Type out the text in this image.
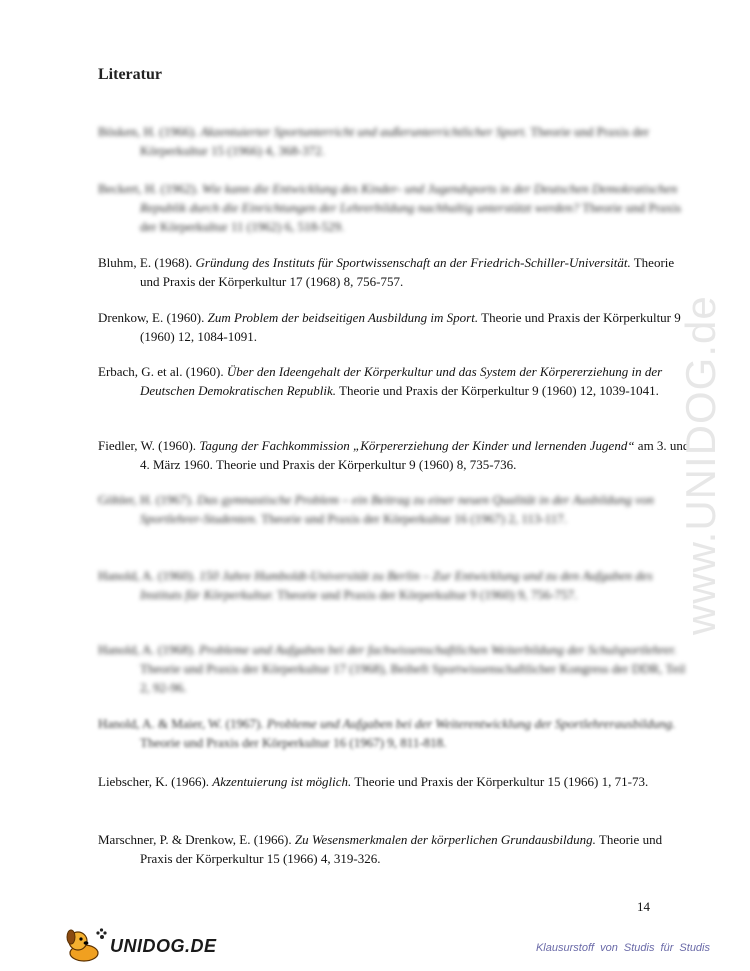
Literatur
Bösken, H. (1966). Akzentuierter Sportunterricht und außerunterrichtlicher Sport. Theorie und Praxis der Körperkultur 15 (1966) 4, 368-372.
Beckert, H. (1962). Wie kann die Entwicklung des Kinder- und Jugendsports in der Deutschen Demokratischen Republik durch die Einrichtungen der Lehrerbildung nachhaltig unterstützt werden? Theorie und Praxis der Körperkultur 11 (1962) 6, 518-529.
Bluhm, E. (1968). Gründung des Instituts für Sportwissenschaft an der Friedrich-Schiller-Universität. Theorie und Praxis der Körperkultur 17 (1968) 8, 756-757.
Drenkow, E. (1960). Zum Problem der beidseitigen Ausbildung im Sport. Theorie und Praxis der Körperkultur 9 (1960) 12, 1084-1091.
Erbach, G. et al. (1960). Über den Ideengehalt der Körperkultur und das System der Körpererziehung in der Deutschen Demokratischen Republik. Theorie und Praxis der Körperkultur 9 (1960) 12, 1039-1041.
Fiedler, W. (1960). Tagung der Fachkommission „Körpererziehung der Kinder und lernenden Jugend“ am 3. und 4. März 1960. Theorie und Praxis der Körperkultur 9 (1960) 8, 735-736.
Göhler, H. (1967). Das gymnastische Problem – ein Beitrag zu einer neuen Qualität in der Ausbildung von Sportlehrer-Studenten. Theorie und Praxis der Körperkultur 16 (1967) 2, 113-117.
Hanold, A. (1960). 150 Jahre Humboldt-Universität zu Berlin – Zur Entwicklung und zu den Aufgaben des Instituts für Körperkultur. Theorie und Praxis der Körperkultur 9 (1960) 9, 756-757.
Hanold, A. (1968). Probleme und Aufgaben bei der fachwissenschaftlichen Weiterbildung der Schulsportlehrer. Theorie und Praxis der Körperkultur 17 (1968), Beiheft Sportwissenschaftlicher Kongress der DDR, Teil 2, 92-96.
Hanold, A. & Maier, W. (1967). Probleme und Aufgaben bei der Weiterentwicklung der Sportlehrerausbildung. Theorie und Praxis der Körperkultur 16 (1967) 9, 811-818.
Liebscher, K. (1966). Akzentuierung ist möglich. Theorie und Praxis der Körperkultur 15 (1966) 1, 71-73.
Marschner, P. & Drenkow, E. (1966). Zu Wesensmerkmalen der körperlichen Grundausbildung. Theorie und Praxis der Körperkultur 15 (1966) 4, 319-326.
www.UNIDOG.de
14
UNIDOG.DE	Klausurstoff von Studis für Studis
